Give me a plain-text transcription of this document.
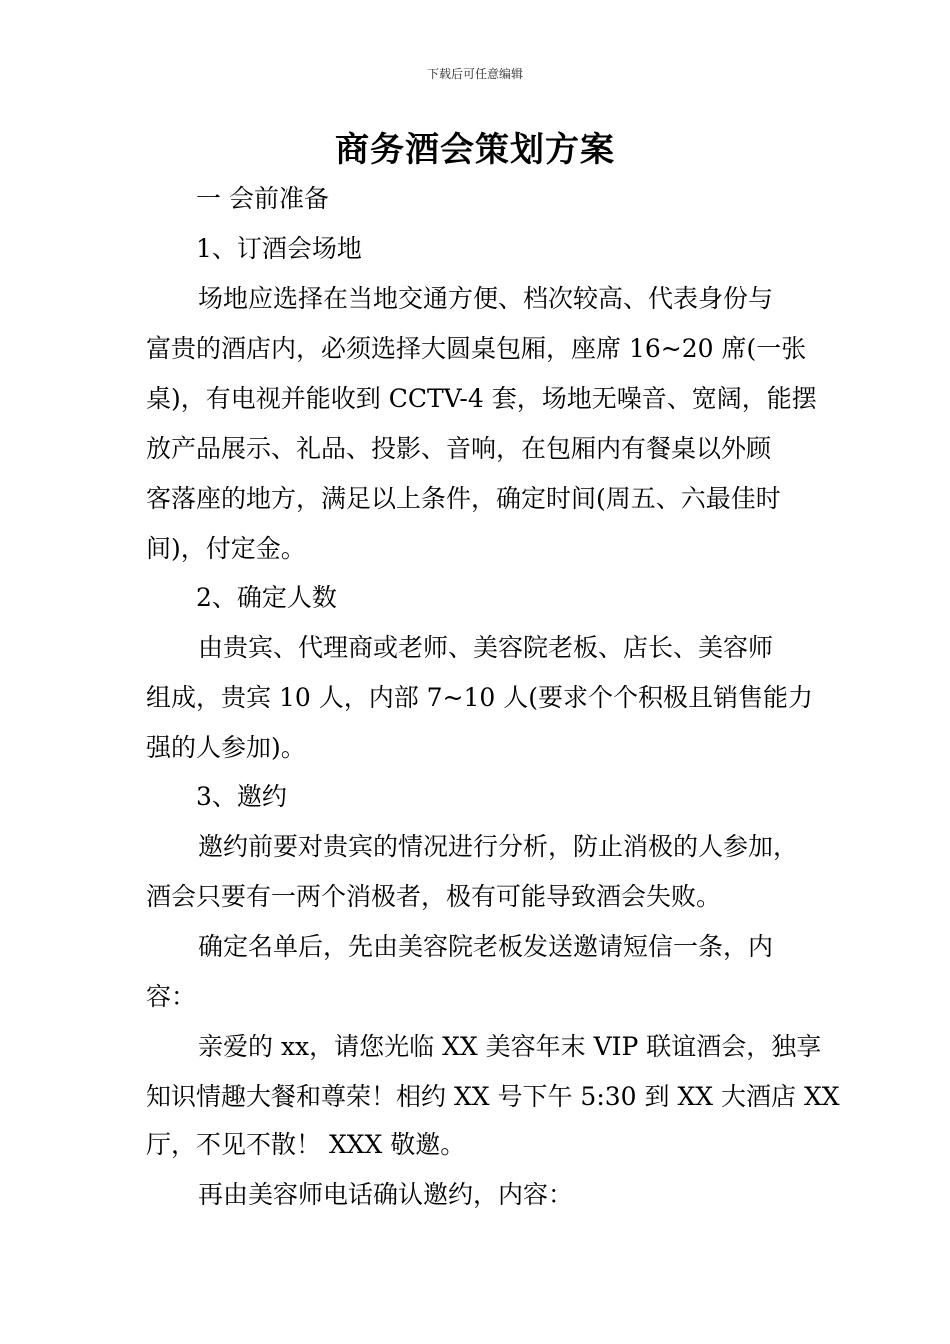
下载后可任意编辑
商务酒会策划方案
一 会前准备
1、订酒会场地
场地应选择在当地交通方便、档次较高、代表身份与
富贵的酒店内，必须选择大圆桌包厢，座席 16~20 席(一张
桌)，有电视并能收到 CCTV-4 套，场地无噪音、宽阔，能摆
放产品展示、礼品、投影、音响，在包厢内有餐桌以外顾
客落座的地方，满足以上条件，确定时间(周五、六最佳时
间)，付定金。
2、确定人数
由贵宾、代理商或老师、美容院老板、店长、美容师
组成，贵宾 10 人，内部 7~10 人(要求个个积极且销售能力
强的人参加)。
3、邀约
邀约前要对贵宾的情况进行分析，防止消极的人参加，
酒会只要有一两个消极者，极有可能导致酒会失败。
确定名单后，先由美容院老板发送邀请短信一条，内
容：
亲爱的 xx，请您光临 XX 美容年末 VIP 联谊酒会，独享
知识情趣大餐和尊荣！相约 XX 号下午 5:30 到 XX 大酒店 XX
厅，不见不散！ XXX 敬邀。
再由美容师电话确认邀约，内容：
